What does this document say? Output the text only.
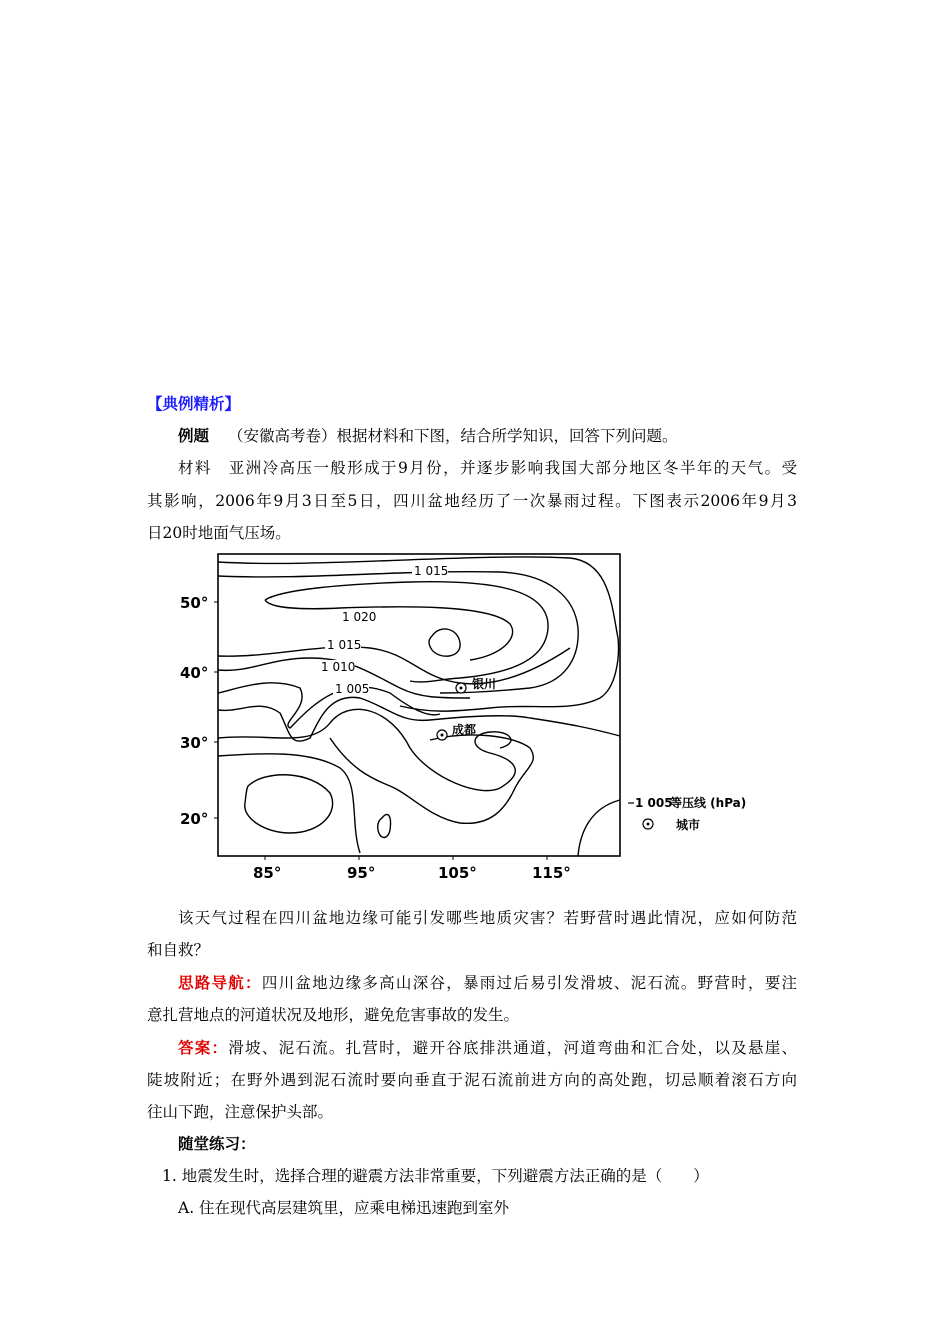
【典例精析】
例题 （安徽高考卷）根据材料和下图，结合所学知识，回答下列问题。
材料　亚洲冷高压一般形成于9月份，并逐步影响我国大部分地区冬半年的天气。受
其影响，2006年9月3日至5日，四川盆地经历了一次暴雨过程。下图表示2006年9月3
日20时地面气压场。
50°
40°
30°
20°
85°	95°	105°	115°
1 015
1 020
1 015
1 010
1 005	银川
成都
1 005
等压线 (hPa)
城市
该天气过程在四川盆地边缘可能引发哪些地质灾害？若野营时遇此情况，应如何防范
和自救？
思路导航：四川盆地边缘多高山深谷，暴雨过后易引发滑坡、泥石流。野营时，要注
意扎营地点的河道状况及地形，避免危害事故的发生。
答案：滑坡、泥石流。扎营时，避开谷底排洪通道，河道弯曲和汇合处，以及悬崖、
陡坡附近；在野外遇到泥石流时要向垂直于泥石流前进方向的高处跑，切忌顺着滚石方向
往山下跑，注意保护头部。
随堂练习：
1. 地震发生时，选择合理的避震方法非常重要，下列避震方法正确的是（　　）
A. 住在现代高层建筑里，应乘电梯迅速跑到室外
